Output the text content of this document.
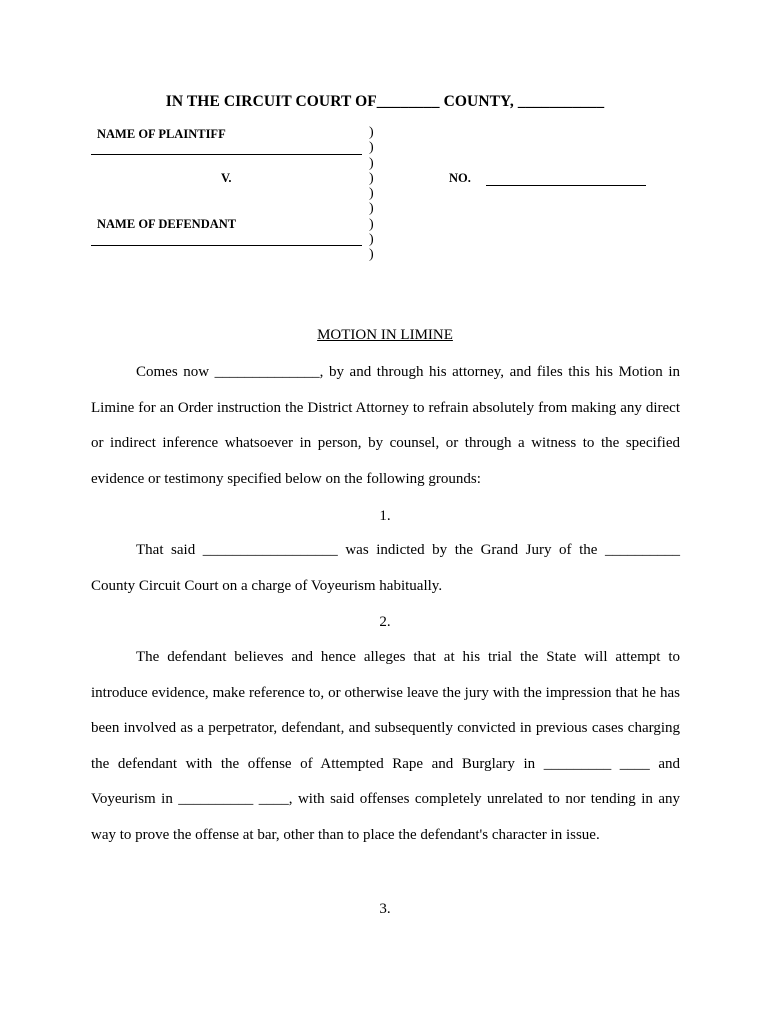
IN THE CIRCUIT COURT OF________ COUNTY, ___________
NAME OF PLAINTIFF
V.
NAME OF DEFENDANT
)
)
)
)
)
)
)
)
)
NO.
MOTION IN LIMINE
Comes now ______________, by and through his attorney, and files this his Motion in Limine for an Order instruction the District Attorney to refrain absolutely from making any direct or indirect inference whatsoever in person, by counsel, or through a witness to the specified evidence or testimony specified below on the following grounds:
1.
That said __________________ was indicted by the Grand Jury of the __________ County Circuit Court on a charge of Voyeurism habitually.
2.
The defendant believes and hence alleges that at his trial the State will attempt to introduce evidence, make reference to, or otherwise leave the jury with the impression that he has been involved as a perpetrator, defendant, and subsequently convicted in previous cases charging the defendant with the offense of Attempted Rape and Burglary in _________ ____ and Voyeurism in __________ ____, with said offenses completely unrelated to nor tending in any way to prove the offense at bar, other than to place the defendant's character in issue.
3.
